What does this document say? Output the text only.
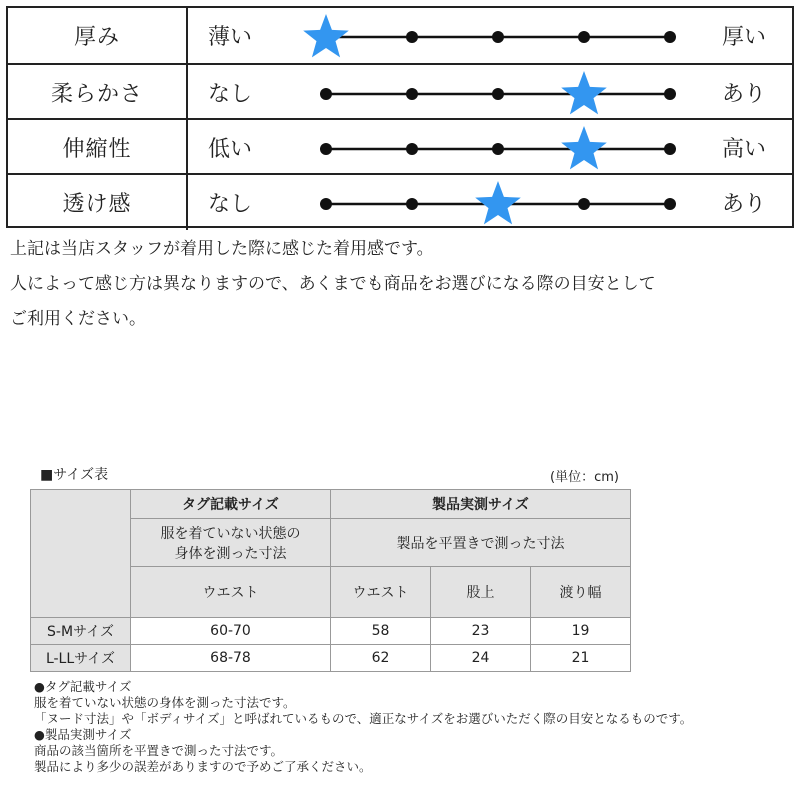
厚み	薄い	厚い
柔らかさ	なし	あり
伸縮性	低い	高い
透け感	なし	あり
上記は当店スタッフが着用した際に感じた着用感です。
人によって感じ方は異なりますので、あくまでも商品をお選びになる際の目安として
ご利用ください。
■サイズ表	(単位：cm)
	タグ記載サイズ	製品実測サイズ		

	服を着ていない状態の
身体を測った寸法	製品を平置きで測った寸法		
	ウエスト	ウエスト	股上	渡り幅
S-Mサイズ	60-70	58	23	19
L-LLサイズ	68-78	62	24	21
●タグ記載サイズ
服を着ていない状態の身体を測った寸法です。
「ヌード寸法」や「ボディサイズ」と呼ばれているもので、適正なサイズをお選びいただく際の目安となるものです。
●製品実測サイズ
商品の該当箇所を平置きで測った寸法です。
製品により多少の誤差がありますので予めご了承ください。
